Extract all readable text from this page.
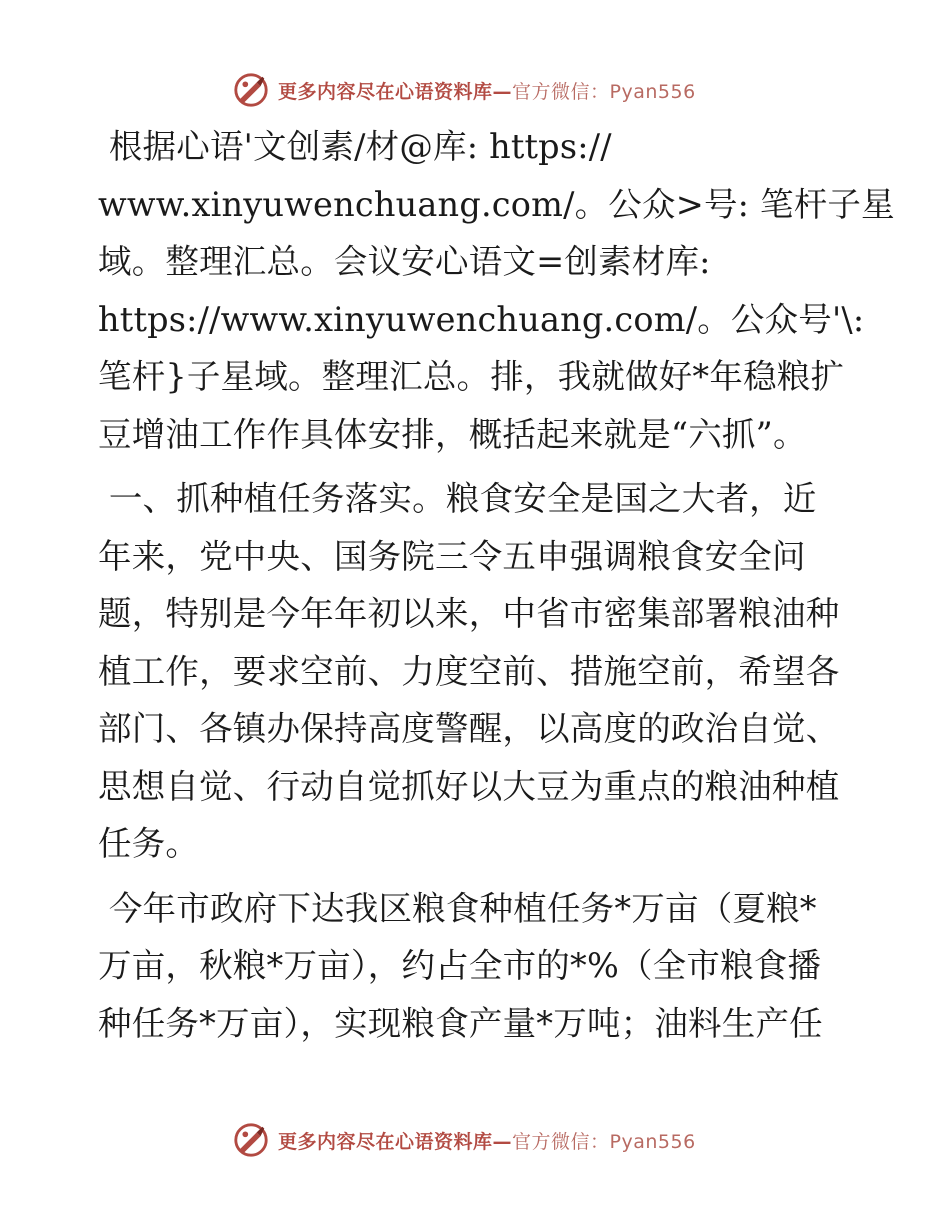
更多内容尽在心语资料库—官方微信：Pyan556
根据心语'文创素/材@库: https://
www.xinyuwenchuang.com/。公众>号: 笔杆子星
域。整理汇总。会议安心语文=创素材库:
https://www.xinyuwenchuang.com/。公众号'\:
笔杆}子星域。整理汇总。排，我就做好*年稳粮扩
豆增油工作作具体安排，概括起来就是“六抓”。
一、抓种植任务落实。粮食安全是国之大者，近
年来，党中央、国务院三令五申强调粮食安全问
题，特别是今年年初以来，中省市密集部署粮油种
植工作，要求空前、力度空前、措施空前，希望各
部门、各镇办保持高度警醒，以高度的政治自觉、
思想自觉、行动自觉抓好以大豆为重点的粮油种植
任务。
今年市政府下达我区粮食种植任务*万亩（夏粮*
万亩，秋粮*万亩），约占全市的*%（全市粮食播
种任务*万亩），实现粮食产量*万吨；油料生产任
更多内容尽在心语资料库—官方微信：Pyan556
